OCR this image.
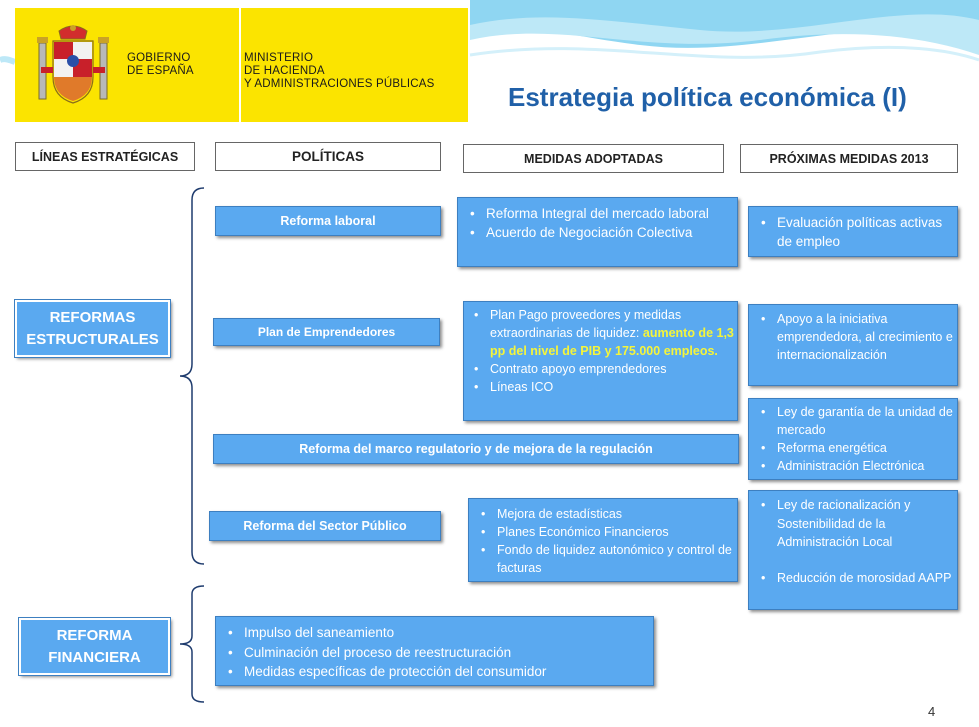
GOBIERNO
DE ESPAÑA
MINISTERIO
DE HACIENDA
Y ADMINISTRACIONES PÚBLICAS	Estrategia política económica (I)
LÍNEAS ESTRATÉGICAS	POLÍTICAS	MEDIDAS ADOPTADAS	PRÓXIMAS MEDIDAS 2013
REFORMAS
ESTRUCTURALES
REFORMA
FINANCIERA
Reforma laboral
Plan de Emprendedores
Reforma del marco regulatorio y de mejora de la regulación
Reforma del Sector Público
• Reforma Integral del mercado laboral
• Acuerdo de Negociación Colectiva
• Plan Pago proveedores y medidas extraordinarias de liquidez: aumento de 1,3 pp del nivel de PIB y 175.000 empleos.
• Contrato apoyo emprendedores
• Líneas ICO
• Mejora de estadísticas
• Planes Económico Financieros
• Fondo de liquidez autonómico y control de facturas
• Impulso del saneamiento
• Culminación del proceso de reestructuración
• Medidas específicas de protección del consumidor
• Evaluación políticas activas de empleo
• Apoyo a la iniciativa emprendedora, al crecimiento e internacionalización
• Ley de garantía de la unidad de mercado
• Reforma energética
• Administración Electrónica
• Ley de racionalización y Sostenibilidad de la Administración Local
• Reducción de morosidad AAPP
4
